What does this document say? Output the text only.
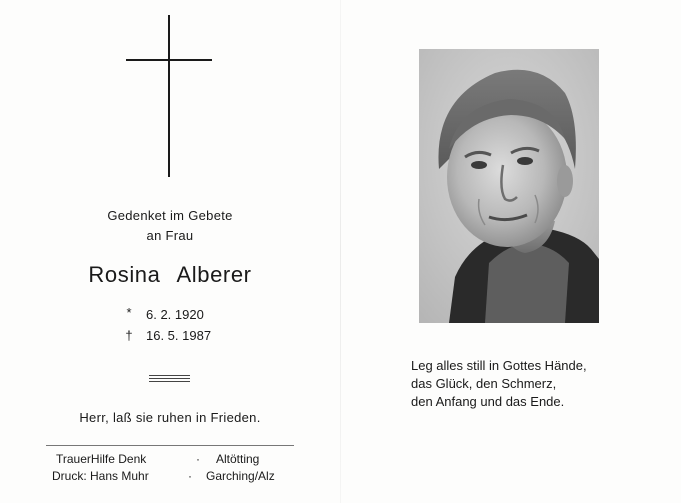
Gedenket im Gebete
an Frau
Rosina Alberer
*	6. 2. 1920
† 16. 5. 1987
Herr, laß sie ruhen in Frieden.
TrauerHilfe Denk	· Altötting
Druck: Hans Muhr	· Garching/Alz
Leg alles still in Gottes Hände,
das Glück, den Schmerz,
den Anfang und das Ende.
